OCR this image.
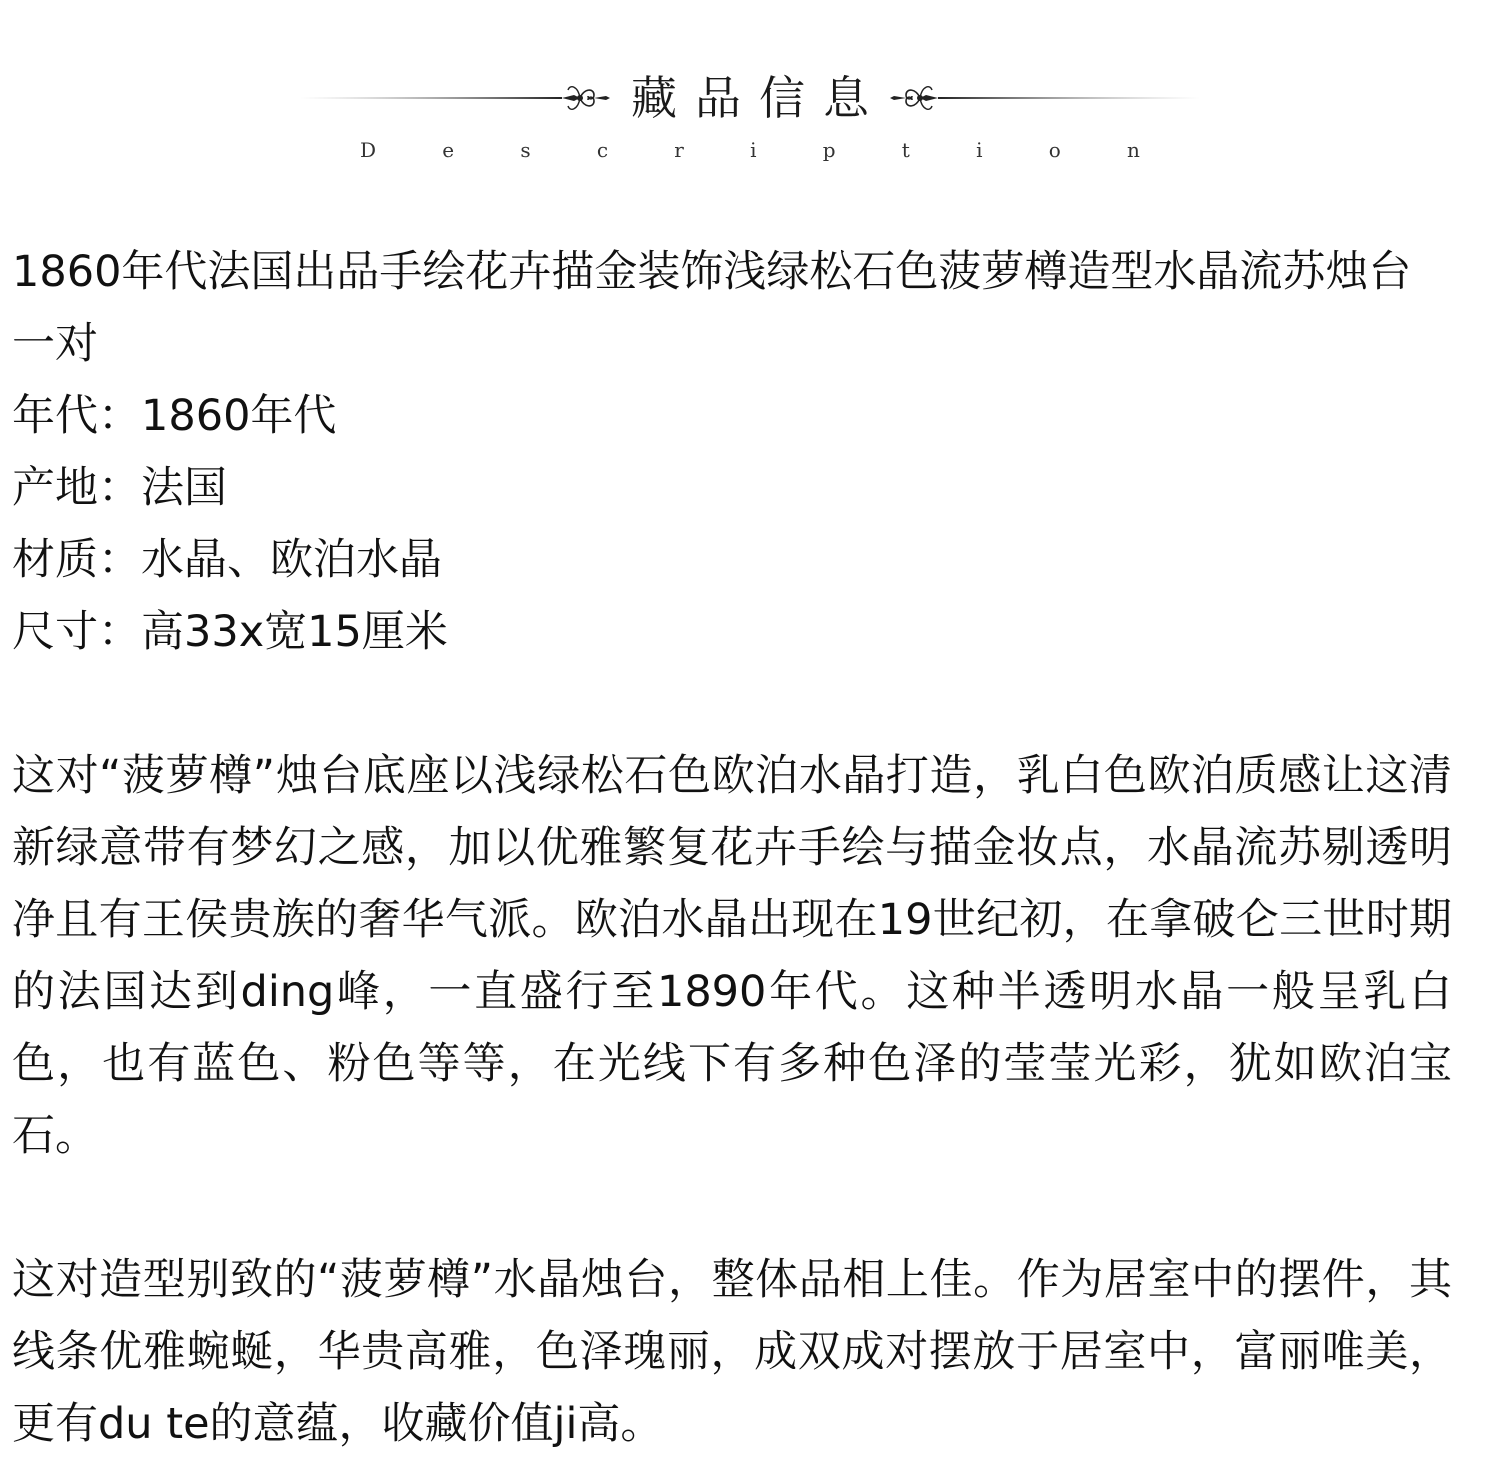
藏品信息
D	e	s	c	r	i	p	t	i	o	n

1860年代法国出品手绘花卉描金装饰浅绿松石色菠萝樽造型水晶流苏烛台一对

年代：1860年代

产地：法国

材质：水晶、欧泊水晶

尺寸：高33x宽15厘米

这对“菠萝樽”烛台底座以浅绿松石色欧泊水晶打造，乳白色欧泊质感让这清新绿意带有梦幻之感，加以优雅繁复花卉手绘与描金妆点，水晶流苏剔透明净且有王侯贵族的奢华气派。欧泊水晶出现在19世纪初，在拿破仑三世时期的法国达到ding峰，一直盛行至1890年代。这种半透明水晶一般呈乳白色，也有蓝色、粉色等等，在光线下有多种色泽的莹莹光彩，犹如欧泊宝石。

这对造型别致的“菠萝樽”水晶烛台，整体品相上佳。作为居室中的摆件，其线条优雅蜿蜒，华贵高雅，色泽瑰丽，成双成对摆放于居室中，富丽唯美，更有du te的意蕴，收藏价值ji高。
